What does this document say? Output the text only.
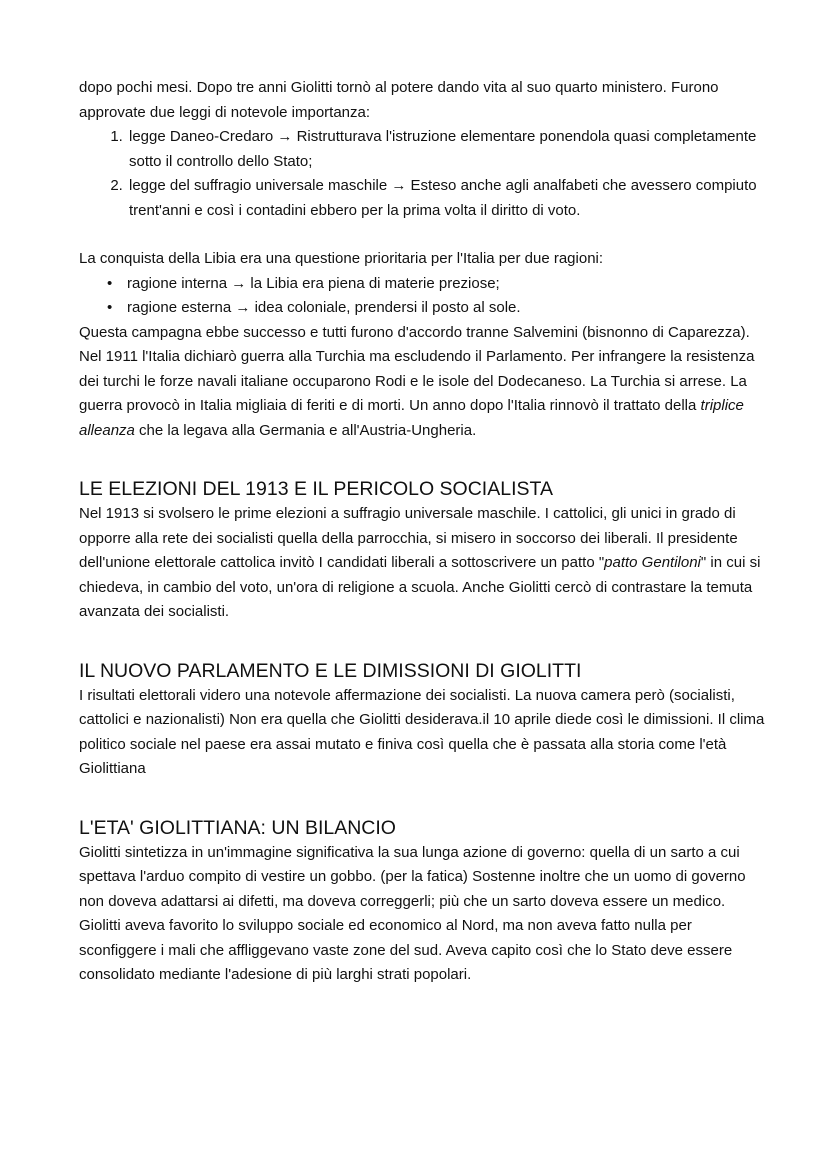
dopo pochi mesi. Dopo tre anni Giolitti tornò al potere dando vita al suo quarto ministero. Furono approvate due leggi di notevole importanza:

1. legge Daneo-Credaro → Ristrutturava l'istruzione elementare ponendola quasi completamente sotto il controllo dello Stato;
2. legge del suffragio universale maschile → Esteso anche agli analfabeti che avessero compiuto trent'anni e così i contadini ebbero per la prima volta il diritto di voto.

La conquista della Libia era una questione prioritaria per l'Italia per due ragioni:

• ragione interna → la Libia era piena di materie preziose;
• ragione esterna → idea coloniale, prendersi il posto al sole.

Questa campagna ebbe successo e tutti furono d'accordo tranne Salvemini (bisnonno di Caparezza). Nel 1911 l'Italia dichiarò guerra alla Turchia ma escludendo il Parlamento. Per infrangere la resistenza dei turchi le forze navali italiane occuparono Rodi e le isole del Dodecaneso. La Turchia si arrese. La guerra provocò in Italia migliaia di feriti e di morti. Un anno dopo l'Italia rinnovò il trattato della triplice alleanza che la legava alla Germania e all'Austria-Ungheria.

LE ELEZIONI DEL 1913 E IL PERICOLO SOCIALISTA

Nel 1913 si svolsero le prime elezioni a suffragio universale maschile. I cattolici, gli unici in grado di opporre alla rete dei socialisti quella della parrocchia, si misero in soccorso dei liberali. Il presidente dell'unione elettorale cattolica invitò I candidati liberali a sottoscrivere un patto "patto Gentiloni" in cui si chiedeva, in cambio del voto, un'ora di religione a scuola. Anche Giolitti cercò di contrastare la temuta avanzata dei socialisti.

IL NUOVO PARLAMENTO E LE DIMISSIONI DI GIOLITTI

I risultati elettorali videro una notevole affermazione dei socialisti. La nuova camera però (socialisti, cattolici e nazionalisti) Non era quella che Giolitti desiderava.il 10 aprile diede così le dimissioni. Il clima politico sociale nel paese era assai mutato e finiva così quella che è passata alla storia come l'età Giolittiana

L'ETA' GIOLITTIANA: UN BILANCIO

Giolitti sintetizza in un'immagine significativa la sua lunga azione di governo: quella di un sarto a cui spettava l'arduo compito di vestire un gobbo. (per la fatica) Sostenne inoltre che un uomo di governo non doveva adattarsi ai difetti, ma doveva correggerli; più che un sarto doveva essere un medico. Giolitti aveva favorito lo sviluppo sociale ed economico al Nord, ma non aveva fatto nulla per sconfiggere i mali che affliggevano vaste zone del sud. Aveva capito così che lo Stato deve essere consolidato mediante l'adesione di più larghi strati popolari.
